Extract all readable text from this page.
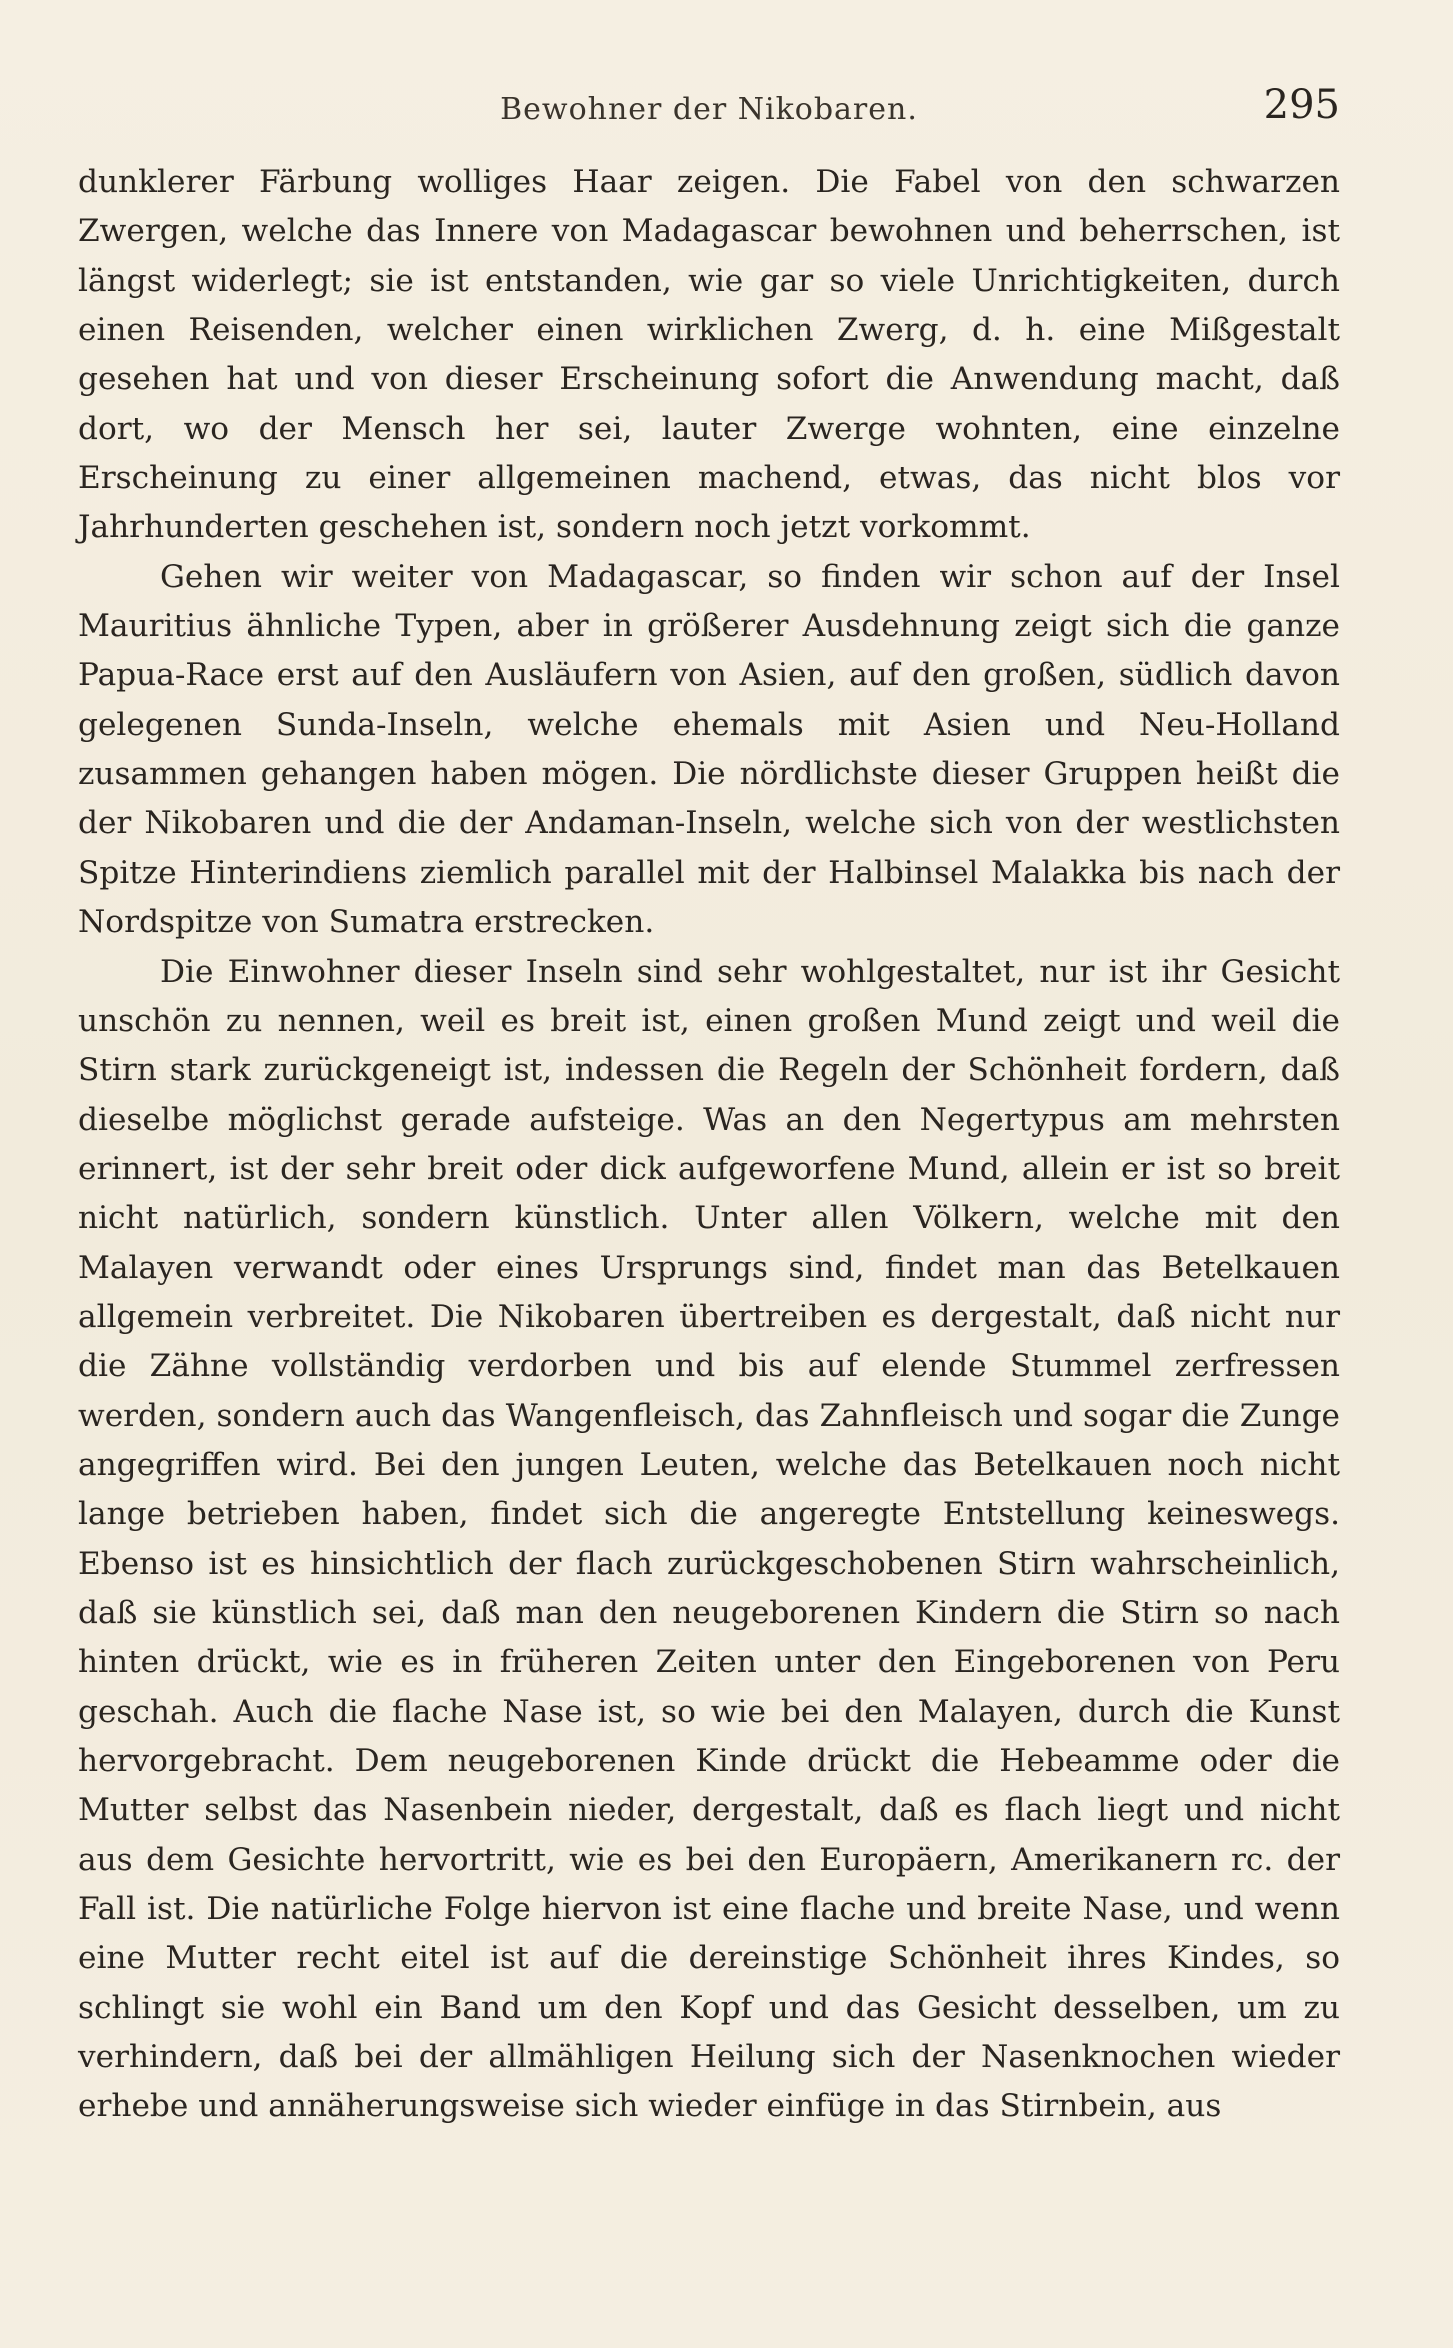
Bewohner der Nikobaren.	295

dunklerer Färbung wolliges Haar zeigen. Die Fabel von den schwarzen Zwergen, welche das Innere von Madagascar bewohnen und beherrschen, ist längst widerlegt; sie ist entstanden, wie gar so viele Unrichtigkeiten, durch einen Reisenden, welcher einen wirklichen Zwerg, d. h. eine Mißgestalt gesehen hat und von dieser Erscheinung sofort die Anwendung macht, daß dort, wo der Mensch her sei, lauter Zwerge wohnten, eine einzelne Erscheinung zu einer allgemeinen machend, etwas, das nicht blos vor Jahrhunderten geschehen ist, sondern noch jetzt vorkommt.

Gehen wir weiter von Madagascar, so finden wir schon auf der Insel Mauritius ähnliche Typen, aber in größerer Ausdehnung zeigt sich die ganze Papua-Race erst auf den Ausläufern von Asien, auf den großen, südlich davon gelegenen Sunda-Inseln, welche ehemals mit Asien und Neu-Holland zusammen gehangen haben mögen. Die nördlichste dieser Gruppen heißt die der Nikobaren und die der Andaman-Inseln, welche sich von der westlichsten Spitze Hinterindiens ziemlich parallel mit der Halbinsel Malakka bis nach der Nordspitze von Sumatra erstrecken.

Die Einwohner dieser Inseln sind sehr wohlgestaltet, nur ist ihr Gesicht unschön zu nennen, weil es breit ist, einen großen Mund zeigt und weil die Stirn stark zurückgeneigt ist, indessen die Regeln der Schönheit fordern, daß dieselbe möglichst gerade aufsteige. Was an den Negertypus am mehrsten erinnert, ist der sehr breit oder dick aufgeworfene Mund, allein er ist so breit nicht natürlich, sondern künstlich. Unter allen Völkern, welche mit den Malayen verwandt oder eines Ursprungs sind, findet man das Betelkauen allgemein verbreitet. Die Nikobaren übertreiben es dergestalt, daß nicht nur die Zähne vollständig verdorben und bis auf elende Stummel zerfressen werden, sondern auch das Wangenfleisch, das Zahnfleisch und sogar die Zunge angegriffen wird. Bei den jungen Leuten, welche das Betelkauen noch nicht lange betrieben haben, findet sich die angeregte Entstellung keineswegs. Ebenso ist es hinsichtlich der flach zurückgeschobenen Stirn wahrscheinlich, daß sie künstlich sei, daß man den neugeborenen Kindern die Stirn so nach hinten drückt, wie es in früheren Zeiten unter den Eingeborenen von Peru geschah. Auch die flache Nase ist, so wie bei den Malayen, durch die Kunst hervorgebracht. Dem neugeborenen Kinde drückt die Hebeamme oder die Mutter selbst das Nasenbein nieder, dergestalt, daß es flach liegt und nicht aus dem Gesichte hervortritt, wie es bei den Europäern, Amerikanern rc. der Fall ist. Die natürliche Folge hiervon ist eine flache und breite Nase, und wenn eine Mutter recht eitel ist auf die dereinstige Schönheit ihres Kindes, so schlingt sie wohl ein Band um den Kopf und das Gesicht desselben, um zu verhindern, daß bei der allmähligen Heilung sich der Nasenknochen wieder erhebe und annäherungsweise sich wieder einfüge in das Stirnbein, aus
